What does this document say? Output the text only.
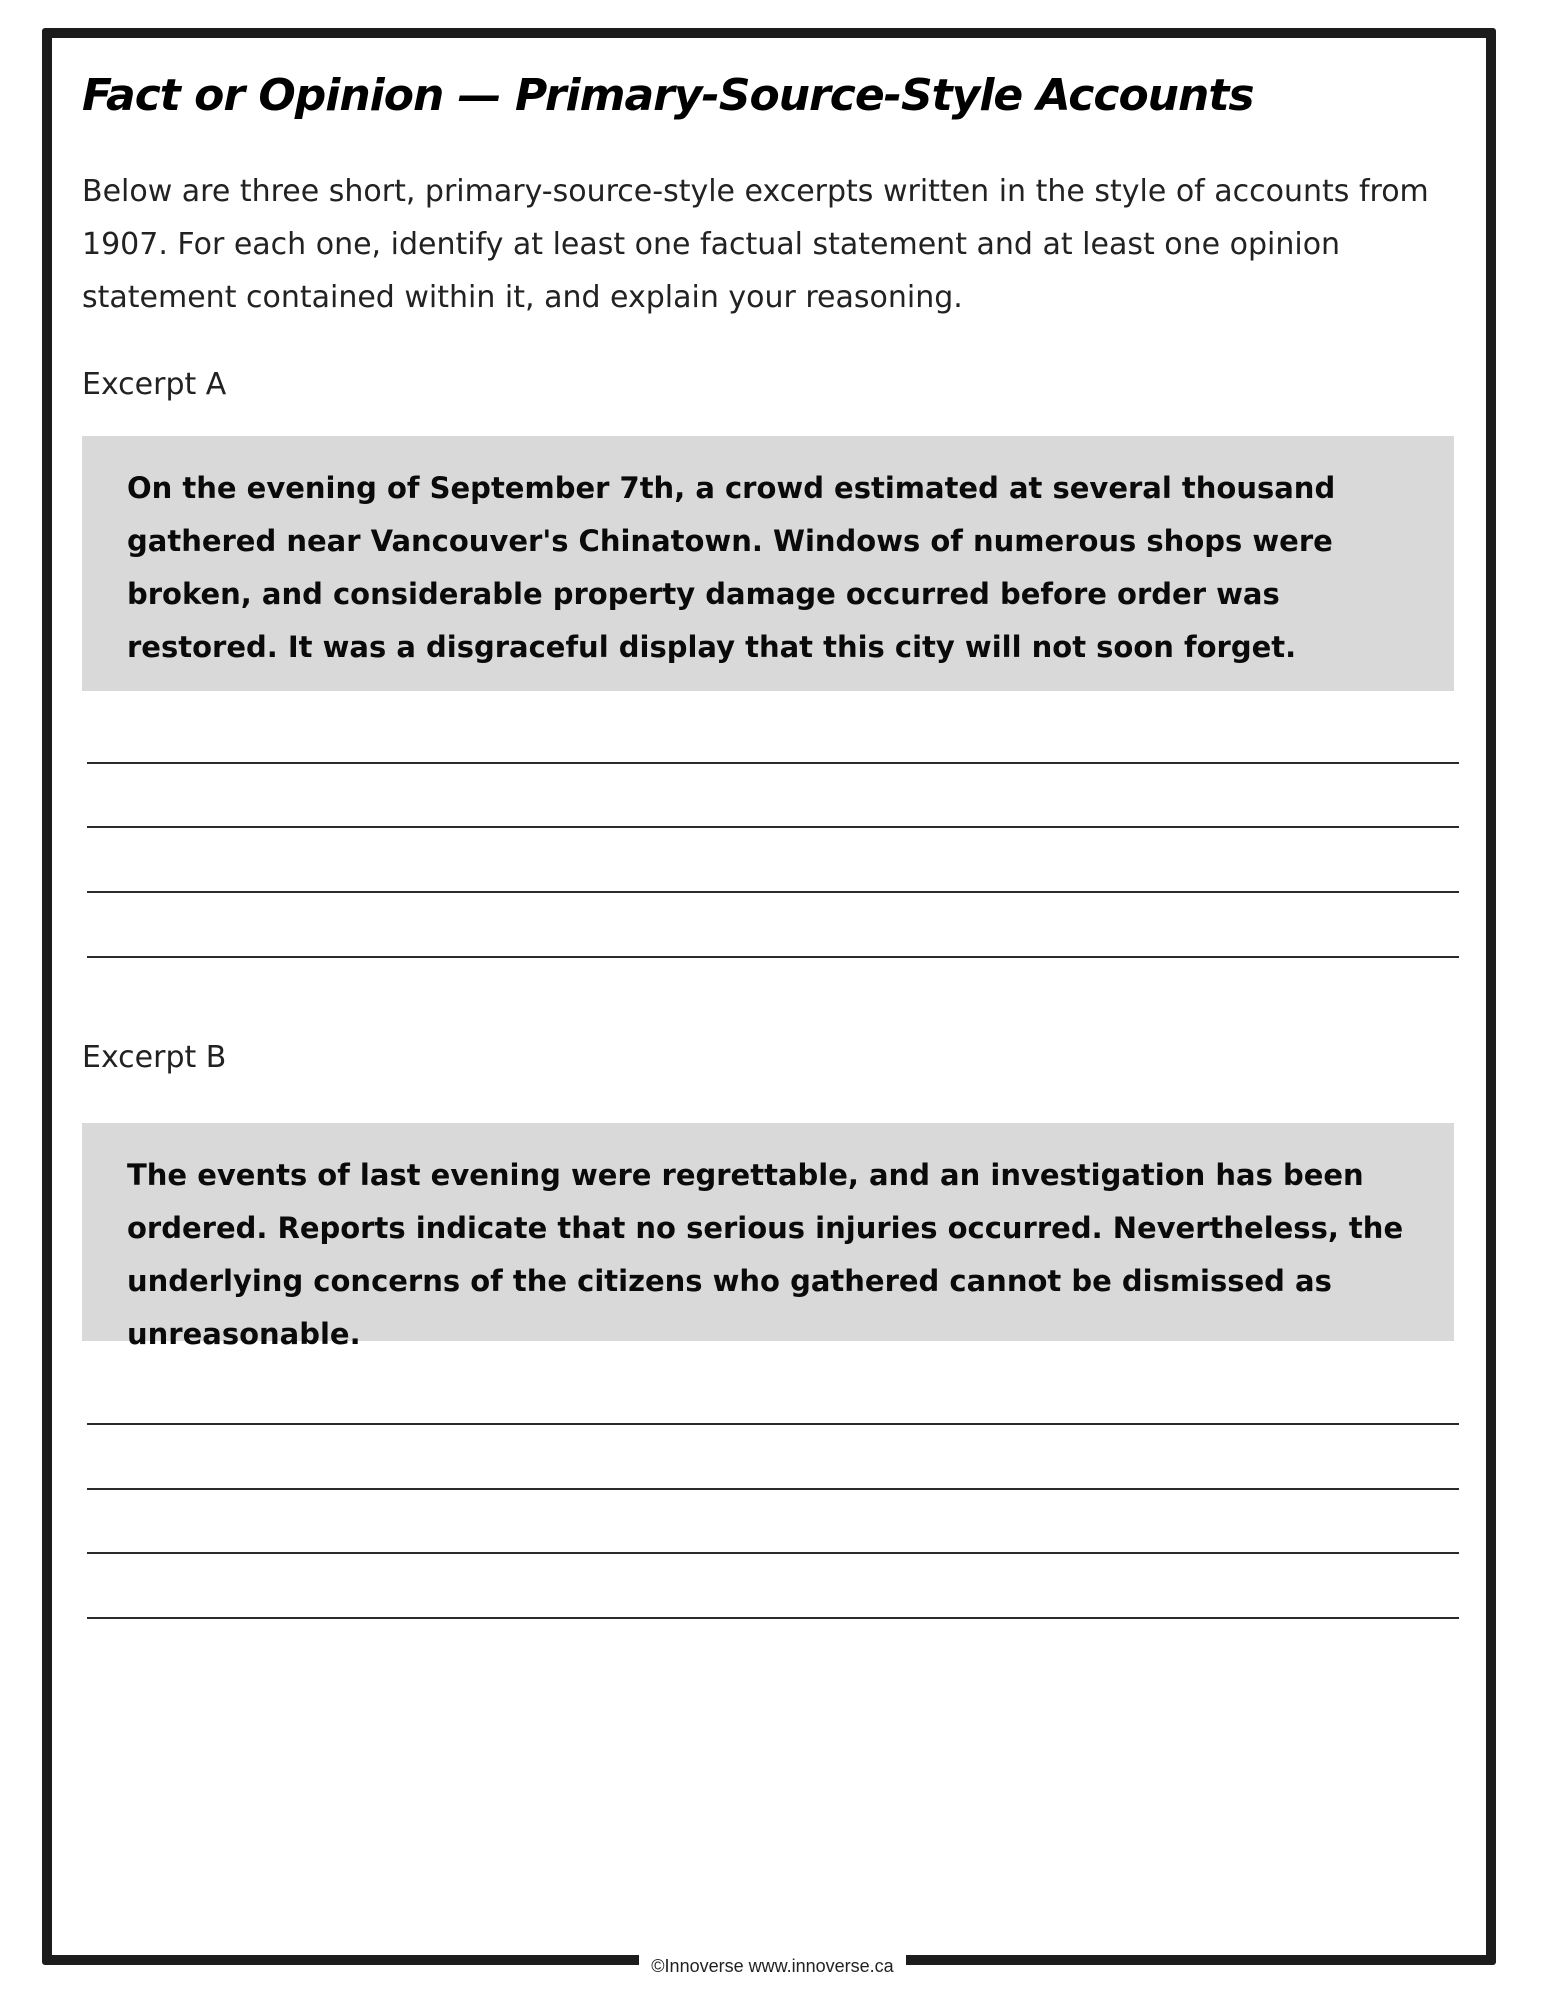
Fact or Opinion — Primary-Source-Style Accounts

Below are three short, primary-source-style excerpts written in the style of accounts from 1907. For each one, identify at least one factual statement and at least one opinion statement contained within it, and explain your reasoning.

Excerpt A

On the evening of September 7th, a crowd estimated at several thousand gathered near Vancouver's Chinatown. Windows of numerous shops were broken, and considerable property damage occurred before order was restored. It was a disgraceful display that this city will not soon forget.

Excerpt B

The events of last evening were regrettable, and an investigation has been ordered. Reports indicate that no serious injuries occurred. Nevertheless, the underlying concerns of the citizens who gathered cannot be dismissed as unreasonable.

©Innoverse www.innoverse.ca
